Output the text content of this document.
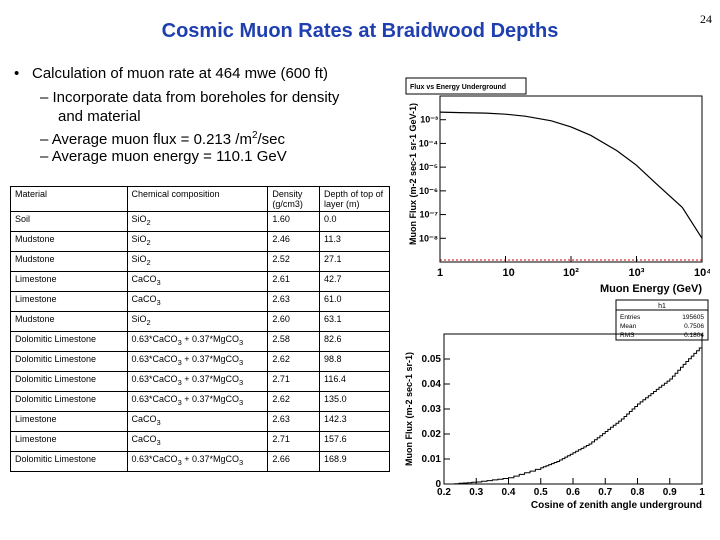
Cosmic Muon Rates at Braidwood Depths
24
• Calculation of muon rate at 464 mwe (600 ft)
– Incorporate data from boreholes for density
and material
– Average muon flux = 0.213 $/m^2/\sec$
– Average muon energy = 110.1 GeV
Material	Chemical composition	Density (g/cm3)	Depth of top of layer (m)
Soil	SiO$_2$	1.60	0.0
Mudstone	SiO$_2$	2.46	11.3
Mudstone	SiO$_2$	2.52	27.1
Limestone	CaCO$_3$	2.61	42.7
Limestone	CaCO$_3$	2.63	61.0
Mudstone	SiO$_2$	2.60	63.1
Dolomitic Limestone	0.63*CaCO$_3$ + 0.37*MgCO$_3$	2.58	82.6
Dolomitic Limestone	0.63*CaCO$_3$ + 0.37*MgCO$_3$	2.62	98.8
Dolomitic Limestone	0.63*CaCO$_3$ + 0.37*MgCO$_3$	2.71	116.4
Dolomitic Limestone	0.63*CaCO$_3$ + 0.37*MgCO$_3$	2.62	135.0
Limestone	CaCO$_3$	2.63	142.3
Limestone	CaCO$_3$	2.71	157.6
Dolomitic Limestone	0.63*CaCO$_3$ + 0.37*MgCO$_3$	2.66	168.9
Flux vs Energy Underground
1	10	10²	10³	10⁴
10⁻³
10⁻⁴
10⁻⁵
10⁻⁶
10⁻⁷
10⁻⁸
Muon Energy (GeV)
Muon Flux (m-2 sec-1 sr-1 GeV-1)
h1
Entries	195605
Mean	0.7506
RMS	0.1804
0.2 0.3 0.4 0.5 0.6 0.7 0.8 0.9 1
0.05
0.04
0.03
0.02
0.01
0
Cosine of zenith angle underground
Muon Flux (m-2 sec-1 sr-1)
